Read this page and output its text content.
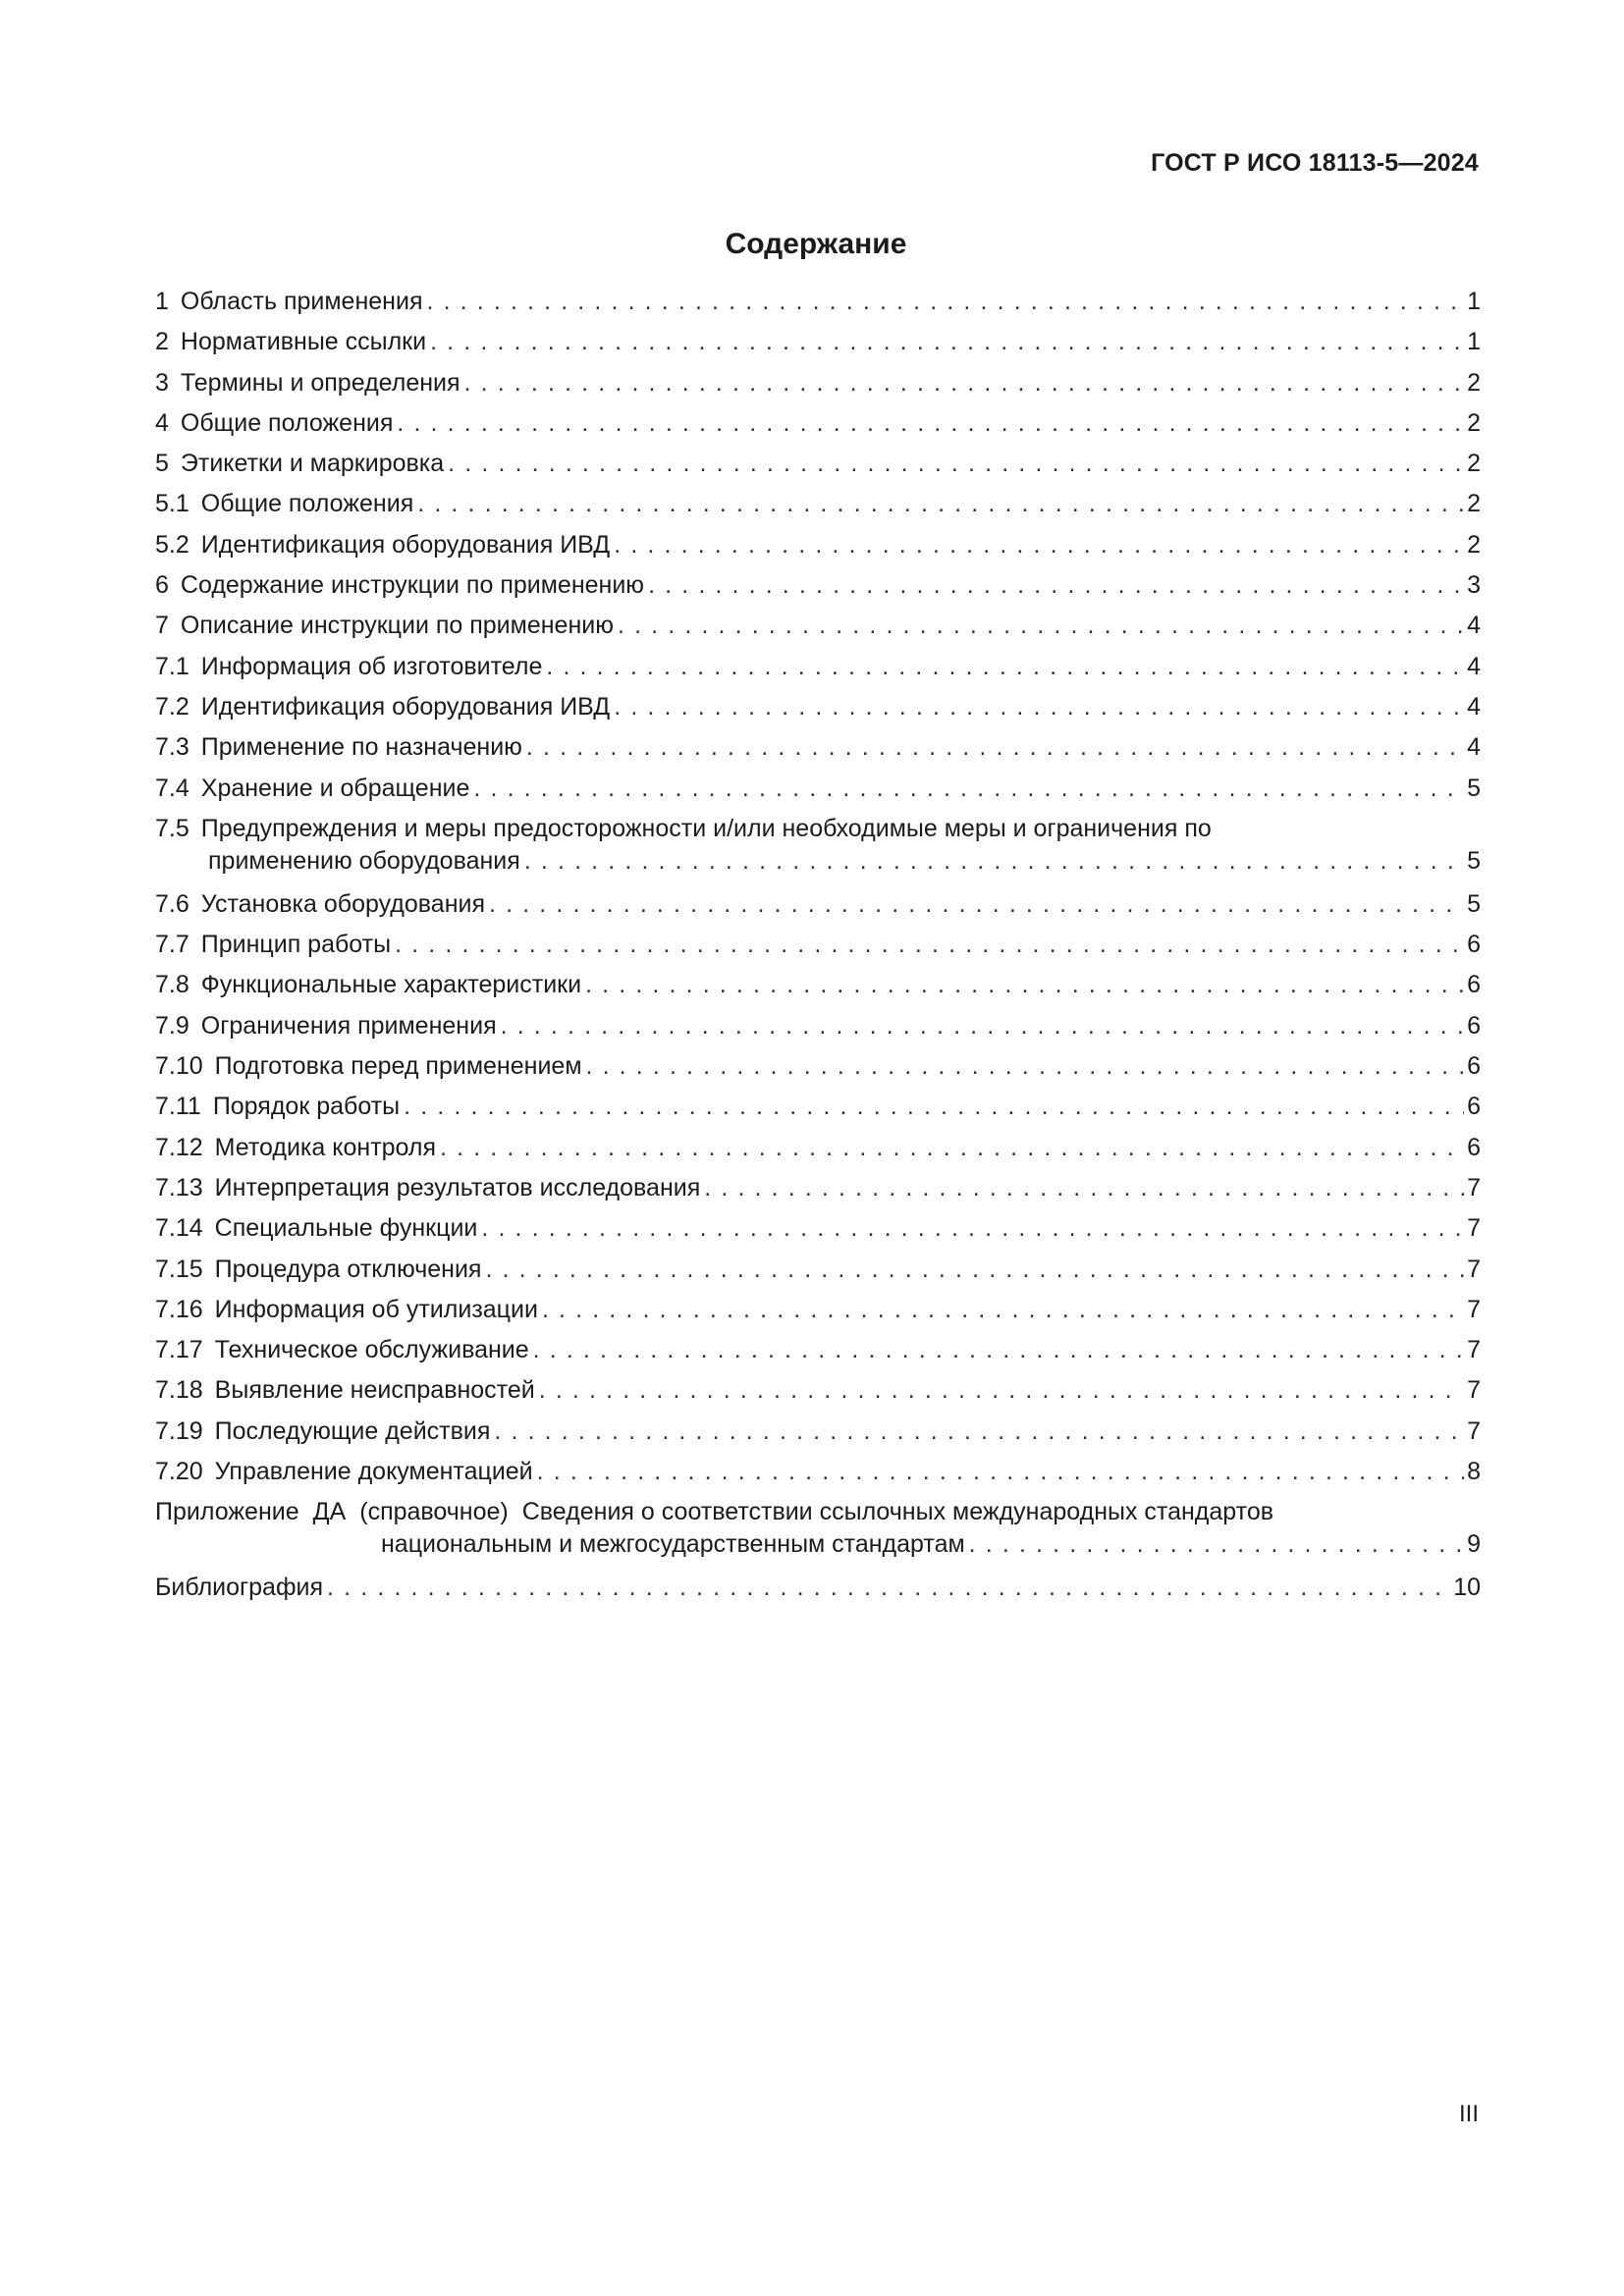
ГОСТ Р ИСО 18113-5—2024
Содержание
1 Область применения . . .	1
2 Нормативные ссылки . . .	1
3 Термины и определения . . .	2
4 Общие положения . . .	2
5 Этикетки и маркировка . . .	2
5.1 Общие положения . . .	2
5.2 Идентификация оборудования ИВД . . .	2
6 Содержание инструкции по применению . . .	3
7 Описание инструкции по применению . . .	4
7.1 Информация об изготовителе . . .	4
7.2 Идентификация оборудования ИВД . . .	4
7.3 Применение по назначению . . .	4
7.4 Хранение и обращение . . .	5
7.5 Предупреждения и меры предосторожности и/или необходимые меры и ограничения по
применению оборудования . . .	5
7.6 Установка оборудования . . .	5
7.7 Принцип работы . . .	6
7.8 Функциональные характеристики . . .	6
7.9 Ограничения применения . . .	6
7.10 Подготовка перед применением . . .	6
7.11 Порядок работы . . .	6
7.12 Методика контроля . . .	6
7.13 Интерпретация результатов исследования . . .	7
7.14 Специальные функции . . .	7
7.15 Процедура отключения . . .	7
7.16 Информация об утилизации . . .	7
7.17 Техническое обслуживание . . .	7
7.18 Выявление неисправностей . . .	7
7.19 Последующие действия . . .	7
7.20 Управление документацией . . .	8
Приложение ДА (справочное) Сведения о соответствии ссылочных международных стандартов
национальным и межгосударственным стандартам . . .	9
Библиография . . .	10
III
